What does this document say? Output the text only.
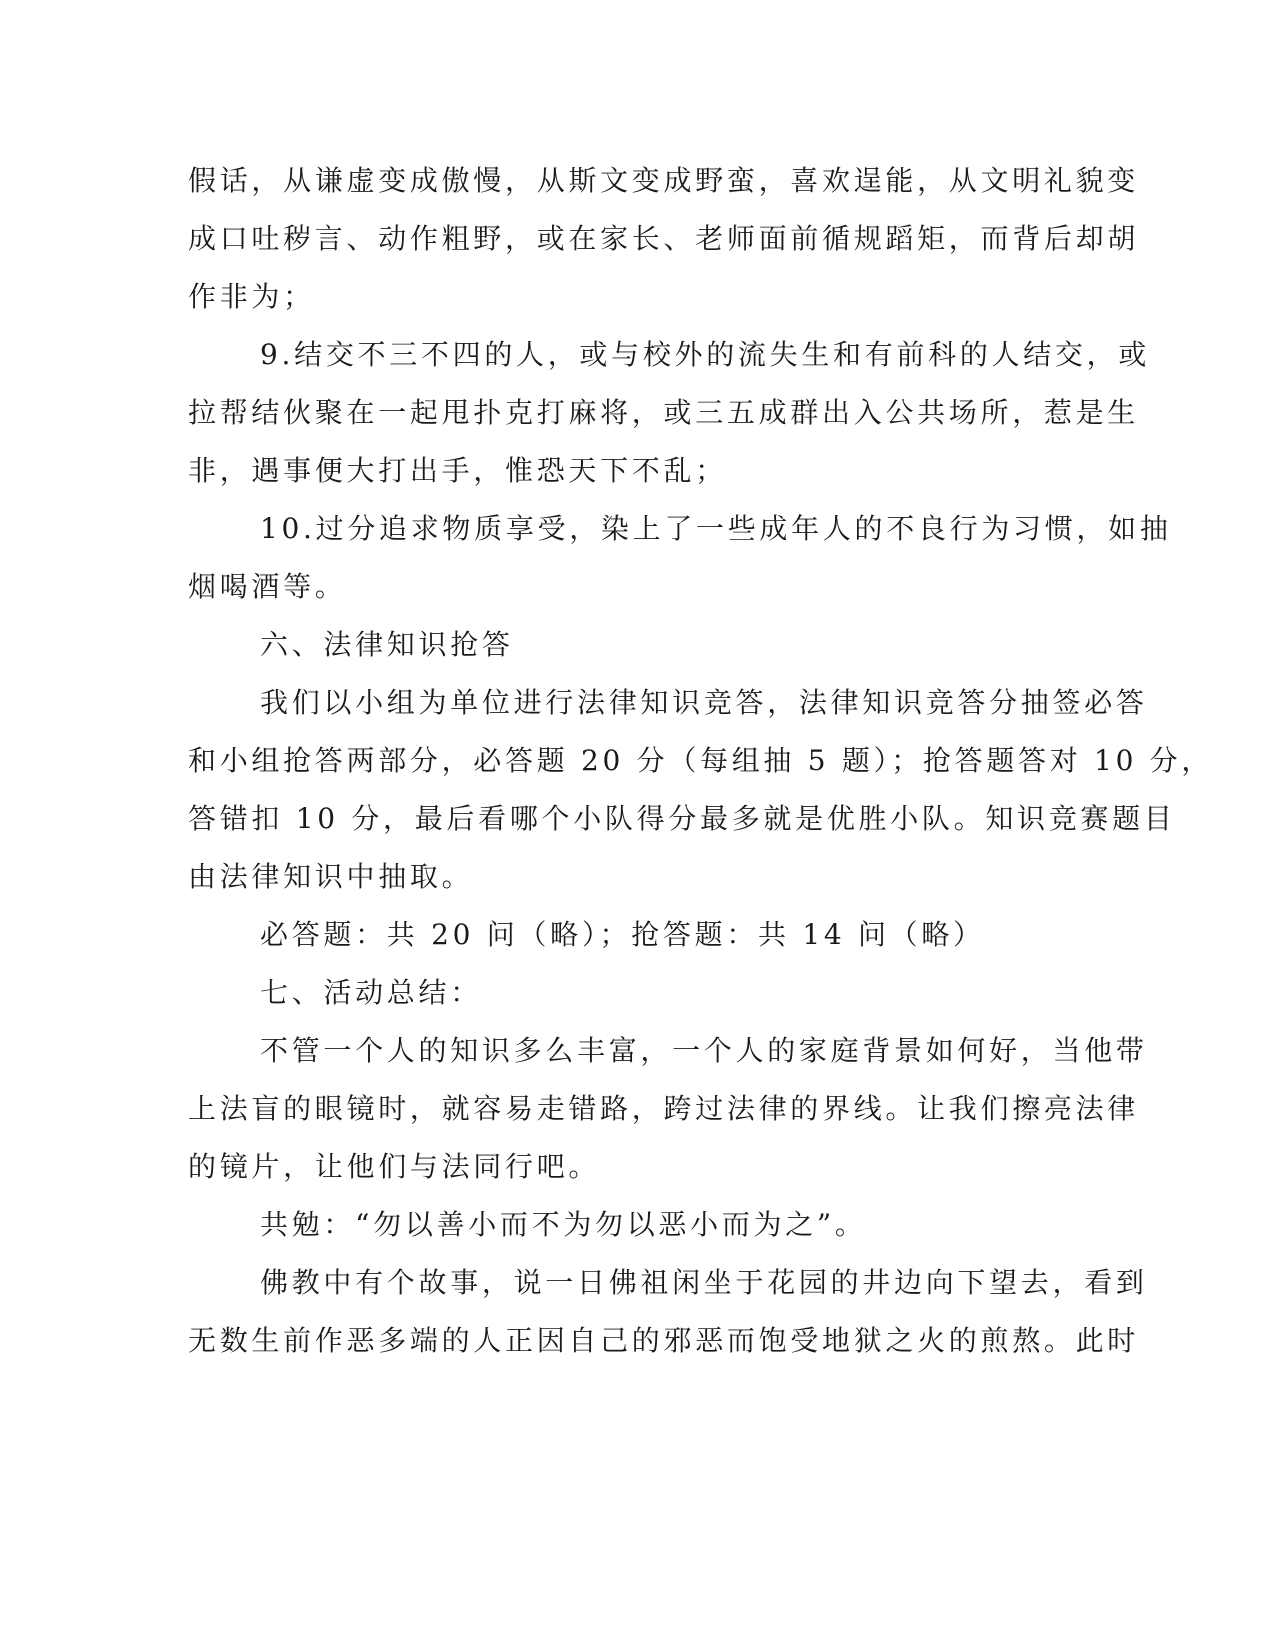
假话，从谦虚变成傲慢，从斯文变成野蛮，喜欢逞能，从文明礼貌变
成口吐秽言、动作粗野，或在家长、老师面前循规蹈矩，而背后却胡
作非为；
9.结交不三不四的人，或与校外的流失生和有前科的人结交，或
拉帮结伙聚在一起甩扑克打麻将，或三五成群出入公共场所，惹是生
非，遇事便大打出手，惟恐天下不乱；
10.过分追求物质享受，染上了一些成年人的不良行为习惯，如抽
烟喝酒等。
六、法律知识抢答
我们以小组为单位进行法律知识竞答，法律知识竞答分抽签必答
和小组抢答两部分，必答题 20 分（每组抽 5 题）；抢答题答对 10 分，
答错扣 10 分，最后看哪个小队得分最多就是优胜小队。知识竞赛题目
由法律知识中抽取。
必答题：共 20 问（略）；抢答题：共 14 问（略）
七、活动总结：
不管一个人的知识多么丰富，一个人的家庭背景如何好，当他带
上法盲的眼镜时，就容易走错路，跨过法律的界线。让我们擦亮法律
的镜片，让他们与法同行吧。
共勉：“勿以善小而不为勿以恶小而为之”。
佛教中有个故事，说一日佛祖闲坐于花园的井边向下望去，看到
无数生前作恶多端的人正因自己的邪恶而饱受地狱之火的煎熬。此时
